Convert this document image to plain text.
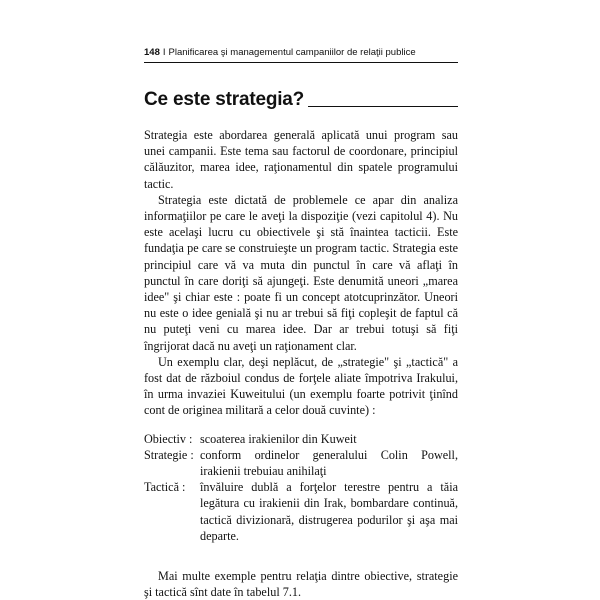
148 I Planificarea şi managementul campaniilor de relaţii publice
Ce este strategia?

Strategia este abordarea generală aplicată unui program sau unei campanii. Este tema sau factorul de coordonare, principiul călăuzitor, marea idee, raţionamentul din spatele programului tactic.

Strategia este dictată de problemele ce apar din analiza informaţiilor pe care le aveţi la dispoziţie (vezi capitolul 4). Nu este acelaşi lucru cu obiectivele şi stă înaintea tacticii. Este fundaţia pe care se construieşte un program tactic. Strategia este principiul care vă va muta din punctul în care vă aflaţi în punctul în care doriţi să ajungeţi. Este denumită uneori „marea idee" şi chiar este : poate fi un concept atotcuprinzător. Uneori nu este o idee genială şi nu ar trebui să fiţi copleşit de faptul că nu puteţi veni cu marea idee. Dar ar trebui totuşi să fiţi îngrijorat dacă nu aveţi un raţionament clar.

Un exemplu clar, deşi neplăcut, de „strategie" şi „tactică" a fost dat de războiul condus de forţele aliate împotriva Irakului, în urma invaziei Kuweitului (un exemplu foarte potrivit ţinînd cont de originea militară a celor două cuvinte) :

Obiectiv : scoaterea irakienilor din Kuweit
Strategie : conform ordinelor generalului Colin Powell, irakienii trebuiau anihilaţi
Tactică :	învăluire dublă a forţelor terestre pentru a tăia legătura cu irakienii din Irak, bombardare continuă, tactică divizionară, distrugerea podurilor şi aşa mai departe.

Mai multe exemple pentru relaţia dintre obiective, strategie şi tactică sînt date în tabelul 7.1.
